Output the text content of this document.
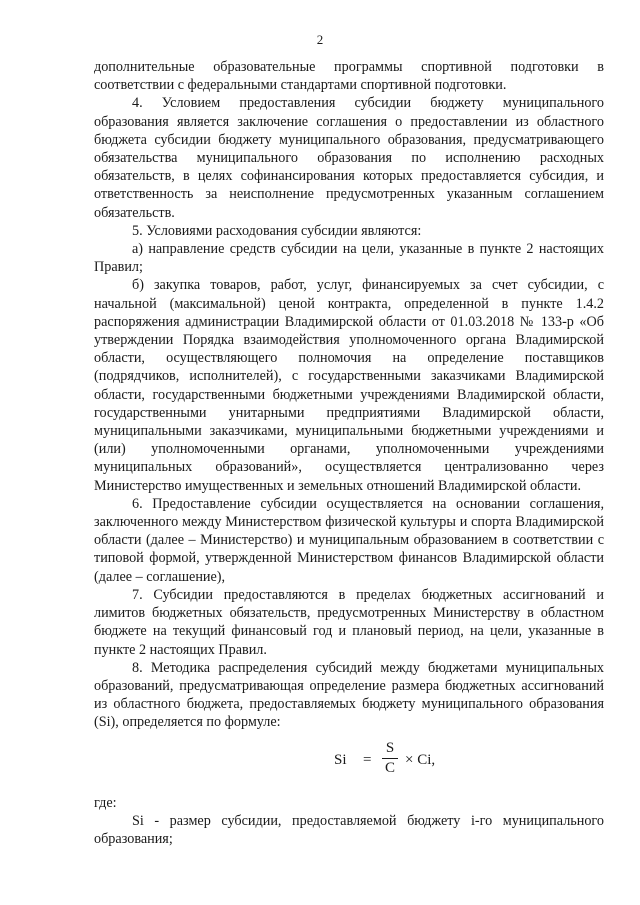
2

дополнительные образовательные программы спортивной подготовки в соответствии с федеральными стандартами спортивной подготовки.

4. Условием предоставления субсидии бюджету муниципального образования является заключение соглашения о предоставлении из областного бюджета субсидии бюджету муниципального образования, предусматривающего обязательства муниципального образования по исполнению расходных обязательств, в целях софинансирования которых предоставляется субсидия, и ответственность за неисполнение предусмотренных указанным соглашением обязательств.

5. Условиями расходования субсидии являются:

а) направление средств субсидии на цели, указанные в пункте 2 настоящих Правил;

б) закупка товаров, работ, услуг, финансируемых за счет субсидии, с начальной (максимальной) ценой контракта, определенной в пункте 1.4.2 распоряжения администрации Владимирской области от 01.03.2018 № 133-р «Об утверждении Порядка взаимодействия уполномоченного органа Владимирской области, осуществляющего полномочия на определение поставщиков (подрядчиков, исполнителей), с государственными заказчиками Владимирской области, государственными бюджетными учреждениями Владимирской области, государственными унитарными предприятиями Владимирской области, муниципальными заказчиками, муниципальными бюджетными учреждениями и (или) уполномоченными органами, уполномоченными учреждениями муниципальных образований», осуществляется централизованно через Министерство имущественных и земельных отношений Владимирской области.

6. Предоставление субсидии осуществляется на основании соглашения, заключенного между Министерством физической культуры и спорта Владимирской области (далее – Министерство) и муниципальным образованием в соответствии с типовой формой, утвержденной Министерством финансов Владимирской области (далее – соглашение),

7. Субсидии предоставляются в пределах бюджетных ассигнований и лимитов бюджетных обязательств, предусмотренных Министерству в областном бюджете на текущий финансовый год и плановый период, на цели, указанные в пункте 2 настоящих Правил.

8. Методика распределения субсидий между бюджетами муниципальных образований, предусматривающая определение размера бюджетных ассигнований из областного бюджета, предоставляемых бюджету муниципального образования (Si), определяется по формуле:

Si =
S
C × Ci,

где:

Si - размер субсидии, предоставляемой бюджету i-го муниципального образования;
